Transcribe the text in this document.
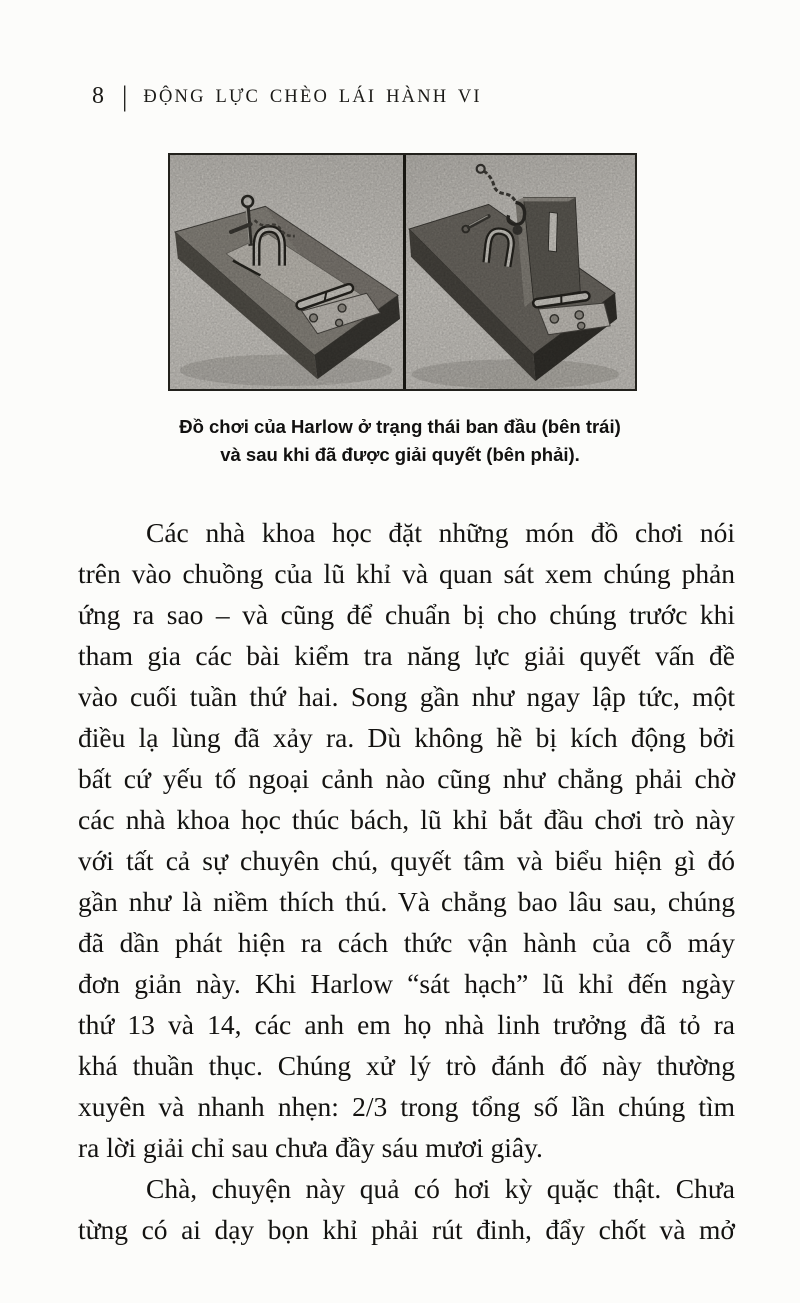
8 | ĐỘNG LỰC CHÈO LÁI HÀNH VI
Đồ chơi của Harlow ở trạng thái ban đầu (bên trái)
và sau khi đã được giải quyết (bên phải).
Các nhà khoa học đặt những món đồ chơi nói
trên vào chuồng của lũ khỉ và quan sát xem chúng phản
ứng ra sao – và cũng để chuẩn bị cho chúng trước khi
tham gia các bài kiểm tra năng lực giải quyết vấn đề
vào cuối tuần thứ hai. Song gần như ngay lập tức, một
điều lạ lùng đã xảy ra. Dù không hề bị kích động bởi
bất cứ yếu tố ngoại cảnh nào cũng như chẳng phải chờ
các nhà khoa học thúc bách, lũ khỉ bắt đầu chơi trò này
với tất cả sự chuyên chú, quyết tâm và biểu hiện gì đó
gần như là niềm thích thú. Và chẳng bao lâu sau, chúng
đã dần phát hiện ra cách thức vận hành của cỗ máy
đơn giản này. Khi Harlow “sát hạch” lũ khỉ đến ngày
thứ 13 và 14, các anh em họ nhà linh trưởng đã tỏ ra
khá thuần thục. Chúng xử lý trò đánh đố này thường
xuyên và nhanh nhẹn: 2/3 trong tổng số lần chúng tìm
ra lời giải chỉ sau chưa đầy sáu mươi giây.
Chà, chuyện này quả có hơi kỳ quặc thật. Chưa
từng có ai dạy bọn khỉ phải rút đinh, đẩy chốt và mở
